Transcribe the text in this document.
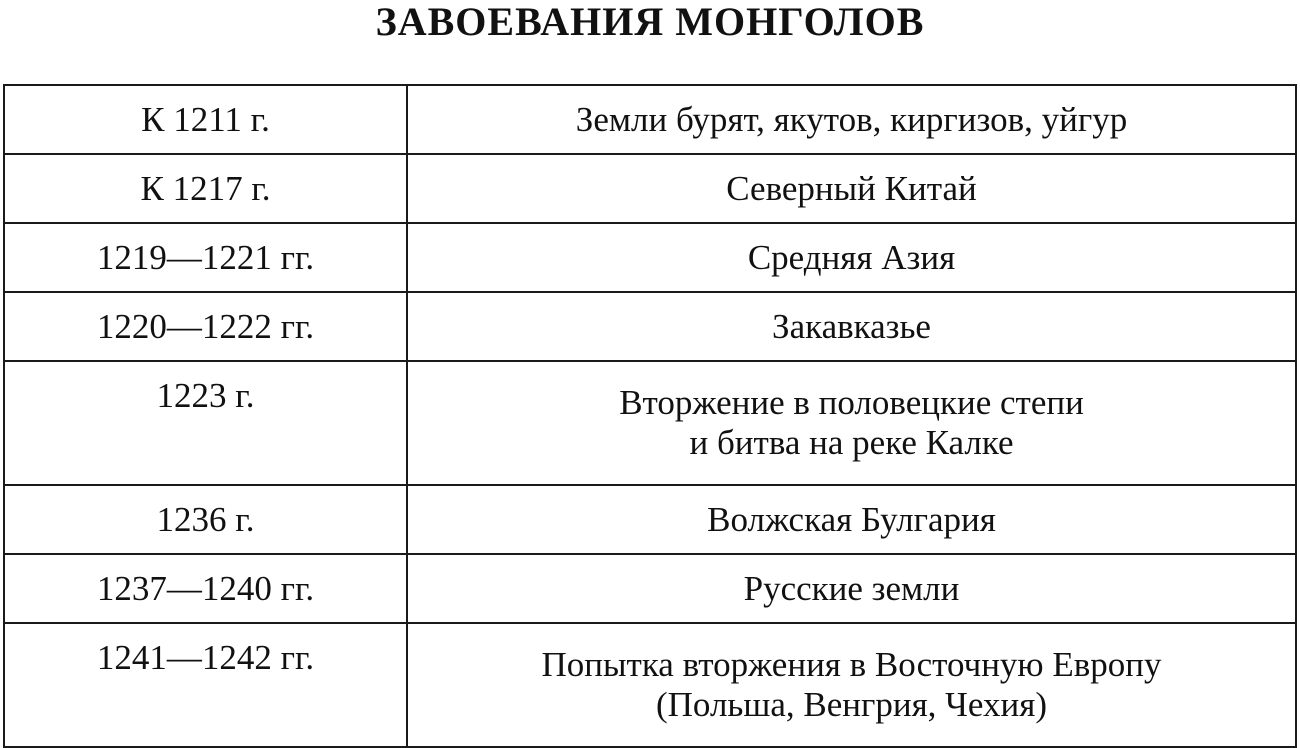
ЗАВОЕВАНИЯ МОНГОЛОВ
К 1211 г.	Земли бурят, якутов, киргизов, уйгур

К 1217 г.	Северный Китай

1219—1221 гг.	Средняя Азия

1220—1222 гг.	Закавказье

1223 г.	Вторжение в половецкие степи
и битва на реке Калке

1236 г.	Волжская Булгария

1237—1240 гг.	Русские земли

1241—1242 гг.	Попытка вторжения в Восточную Европу
(Польша, Венгрия, Чехия)
